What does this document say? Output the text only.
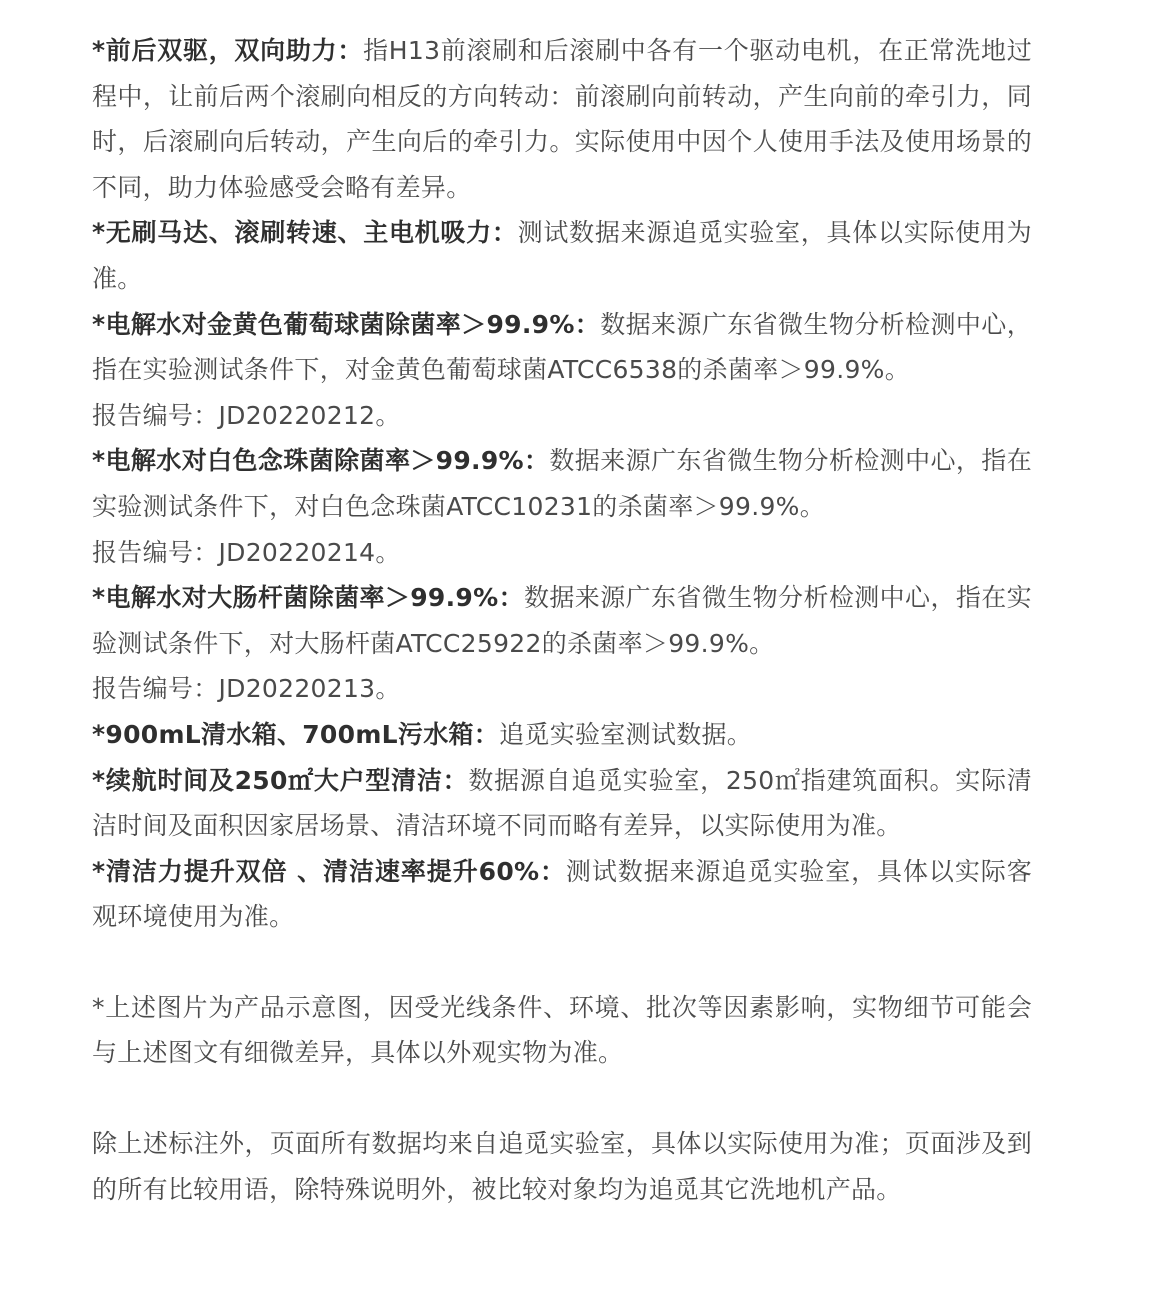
*前后双驱，双向助力：指H13前滚刷和后滚刷中各有一个驱动电机，在正常洗地过程中，让前后两个滚刷向相反的方向转动：前滚刷向前转动，产生向前的牵引力，同时，后滚刷向后转动，产生向后的牵引力。实际使用中因个人使用手法及使用场景的不同，助力体验感受会略有差异。

*无刷马达、滚刷转速、主电机吸力：测试数据来源追觅实验室，具体以实际使用为准。

*电解水对金黄色葡萄球菌除菌率＞99.9%：数据来源广东省微生物分析检测中心，指在实验测试条件下，对金黄色葡萄球菌ATCC6538的杀菌率＞99.9%。

报告编号：JD20220212。

*电解水对白色念珠菌除菌率＞99.9%：数据来源广东省微生物分析检测中心，指在实验测试条件下，对白色念珠菌ATCC10231的杀菌率＞99.9%。

报告编号：JD20220214。

*电解水对大肠杆菌除菌率＞99.9%：数据来源广东省微生物分析检测中心，指在实验测试条件下，对大肠杆菌ATCC25922的杀菌率＞99.9%。

报告编号：JD20220213。

*900mL清水箱、700mL污水箱：追觅实验室测试数据。

*续航时间及250㎡大户型清洁：数据源自追觅实验室，250㎡指建筑面积。实际清洁时间及面积因家居场景、清洁环境不同而略有差异，以实际使用为准。

*清洁力提升双倍 、清洁速率提升60%：测试数据来源追觅实验室，具体以实际客观环境使用为准。

*上述图片为产品示意图，因受光线条件、环境、批次等因素影响，实物细节可能会与上述图文有细微差异，具体以外观实物为准。

除上述标注外，页面所有数据均来自追觅实验室，具体以实际使用为准；页面涉及到的所有比较用语，除特殊说明外，被比较对象均为追觅其它洗地机产品。
